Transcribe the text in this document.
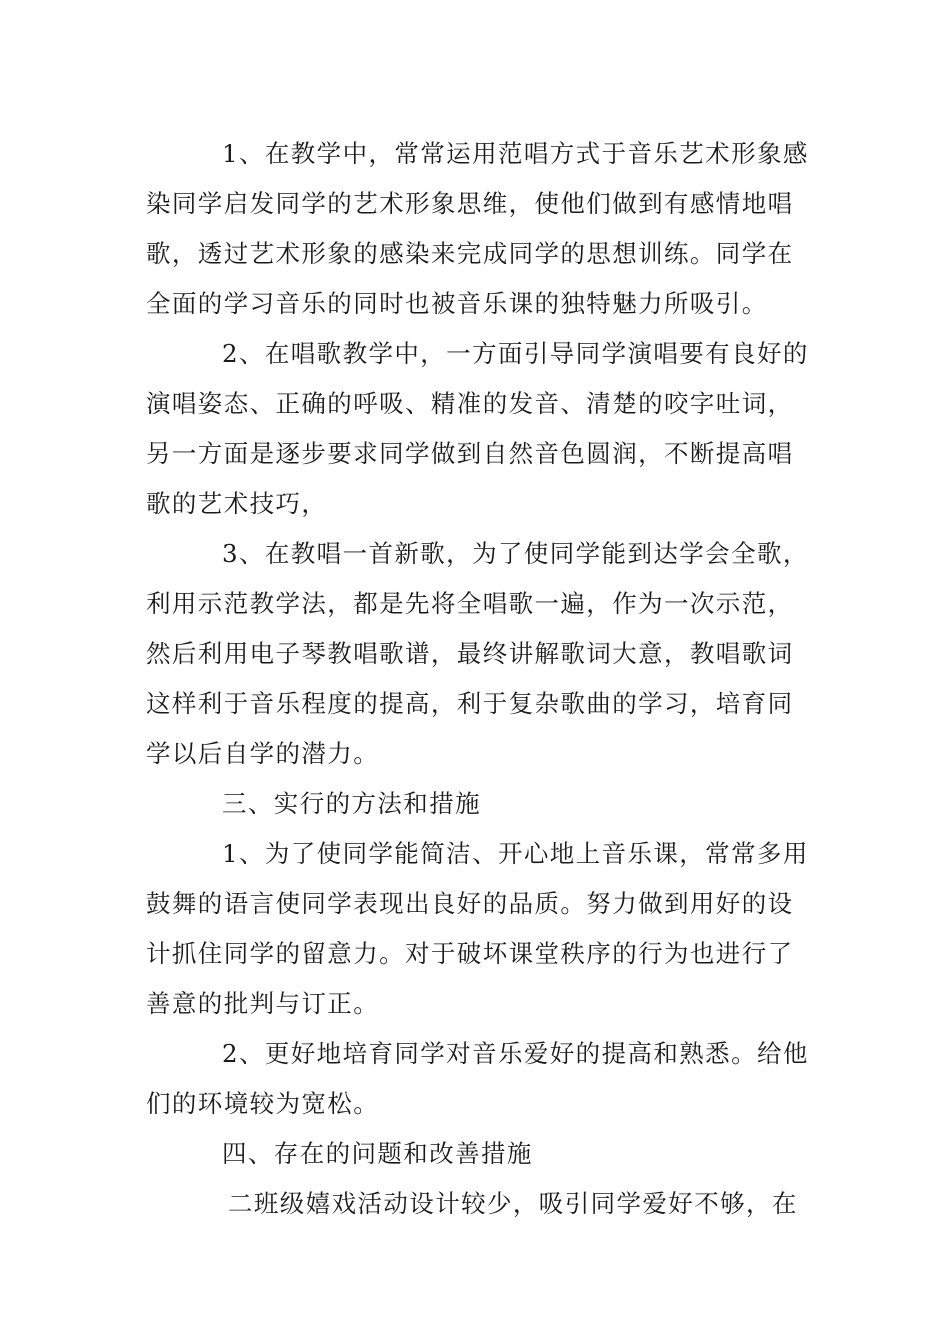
1、在教学中，常常运用范唱方式于音乐艺术形象感
染同学启发同学的艺术形象思维，使他们做到有感情地唱
歌，透过艺术形象的感染来完成同学的思想训练。同学在
全面的学习音乐的同时也被音乐课的独特魅力所吸引。
2、在唱歌教学中，一方面引导同学演唱要有良好的
演唱姿态、正确的呼吸、精准的发音、清楚的咬字吐词，
另一方面是逐步要求同学做到自然音色圆润，不断提高唱
歌的艺术技巧，
3、在教唱一首新歌，为了使同学能到达学会全歌，
利用示范教学法，都是先将全唱歌一遍，作为一次示范，
然后利用电子琴教唱歌谱，最终讲解歌词大意，教唱歌词
这样利于音乐程度的提高，利于复杂歌曲的学习，培育同
学以后自学的潜力。
三、实行的方法和措施
1、为了使同学能简洁、开心地上音乐课，常常多用
鼓舞的语言使同学表现出良好的品质。努力做到用好的设
计抓住同学的留意力。对于破坏课堂秩序的行为也进行了
善意的批判与订正。
2、更好地培育同学对音乐爱好的提高和熟悉。给他
们的环境较为宽松。
四、存在的问题和改善措施
二班级嬉戏活动设计较少，吸引同学爱好不够，在
